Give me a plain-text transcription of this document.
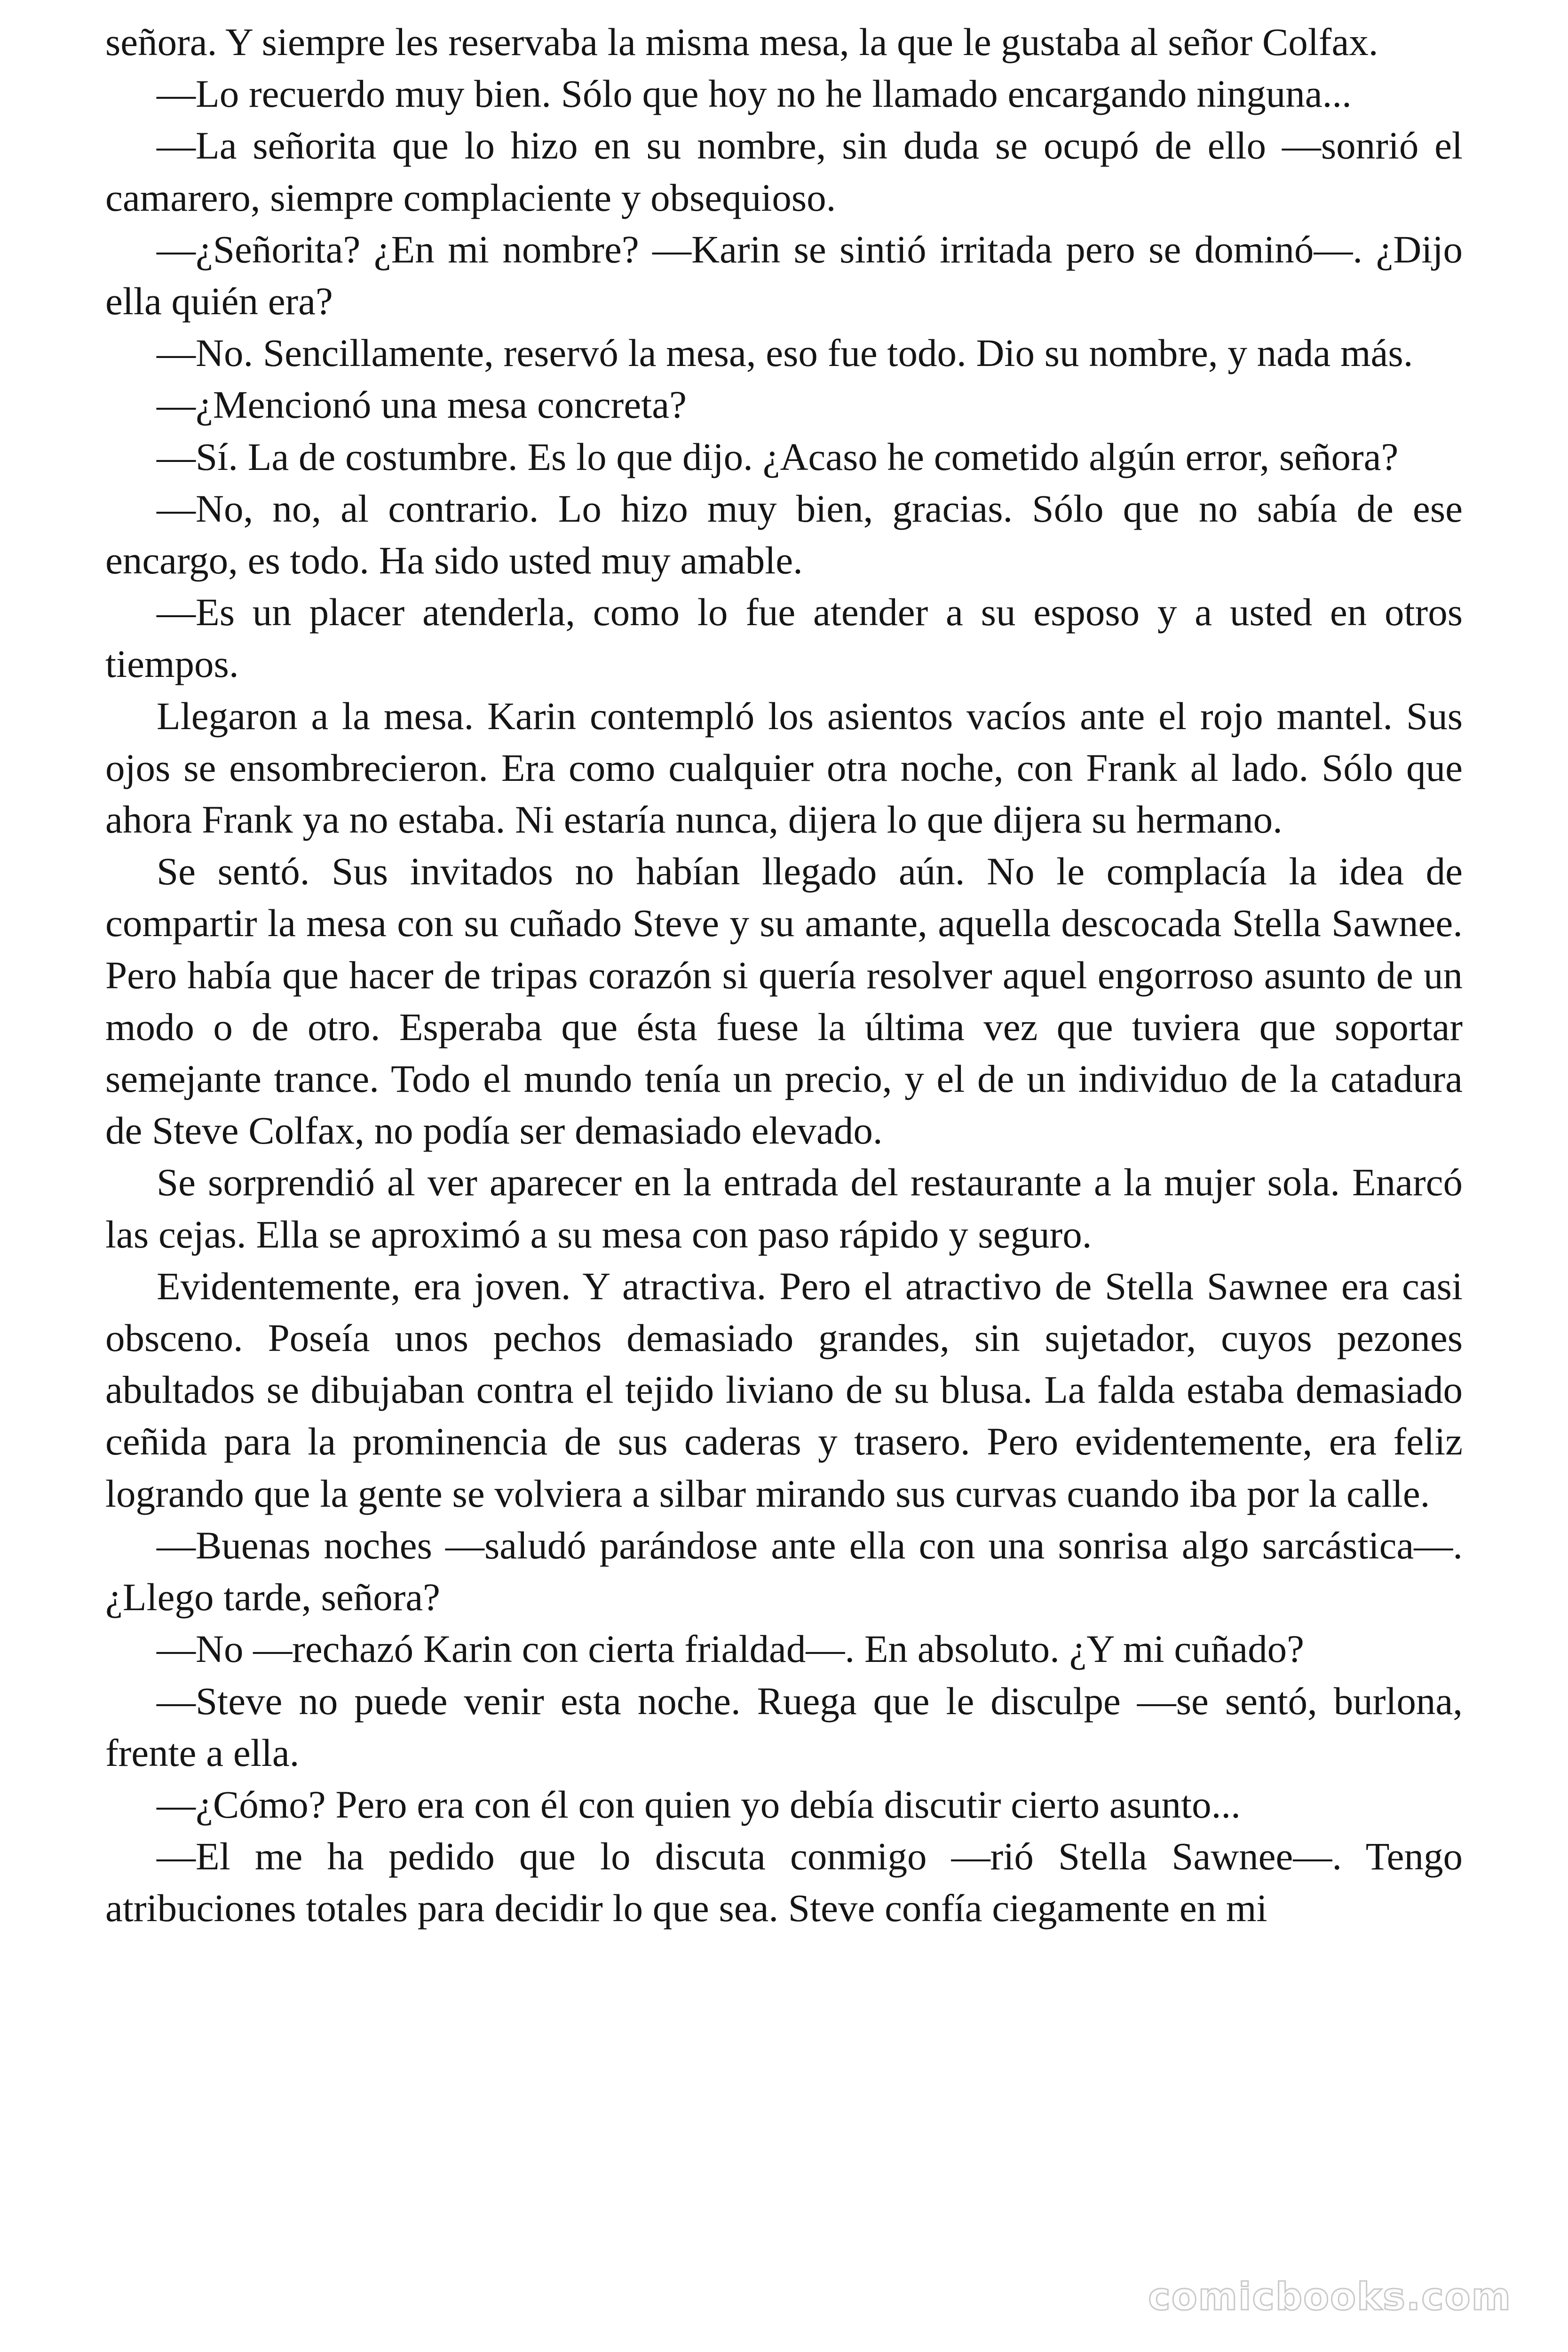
señora. Y siempre les reservaba la misma mesa, la que le gustaba al señor Colfax.

—Lo recuerdo muy bien. Sólo que hoy no he llamado encargando ninguna...

—La señorita que lo hizo en su nombre, sin duda se ocupó de ello —sonrió el camarero, siempre complaciente y obsequioso.

—¿Señorita? ¿En mi nombre? —Karin se sintió irritada pero se dominó—. ¿Dijo ella quién era?

—No. Sencillamente, reservó la mesa, eso fue todo. Dio su nombre, y nada más.

—¿Mencionó una mesa concreta?

—Sí. La de costumbre. Es lo que dijo. ¿Acaso he cometido algún error, señora?

—No, no, al contrario. Lo hizo muy bien, gracias. Sólo que no sabía de ese encargo, es todo. Ha sido usted muy amable.

—Es un placer atenderla, como lo fue atender a su esposo y a usted en otros tiempos.

Llegaron a la mesa. Karin contempló los asientos vacíos ante el rojo mantel. Sus ojos se ensombrecieron. Era como cualquier otra noche, con Frank al lado. Sólo que ahora Frank ya no estaba. Ni estaría nunca, dijera lo que dijera su hermano.

Se sentó. Sus invitados no habían llegado aún. No le complacía la idea de compartir la mesa con su cuñado Steve y su amante, aquella descocada Stella Sawnee. Pero había que hacer de tripas corazón si quería resolver aquel engorroso asunto de un modo o de otro. Esperaba que ésta fuese la última vez que tuviera que soportar semejante trance. Todo el mundo tenía un precio, y el de un individuo de la catadura de Steve Colfax, no podía ser demasiado elevado.

Se sorprendió al ver aparecer en la entrada del restaurante a la mujer sola. Enarcó las cejas. Ella se aproximó a su mesa con paso rápido y seguro.

Evidentemente, era joven. Y atractiva. Pero el atractivo de Stella Sawnee era casi obsceno. Poseía unos pechos demasiado grandes, sin sujetador, cuyos pezones abultados se dibujaban contra el tejido liviano de su blusa. La falda estaba demasiado ceñida para la prominencia de sus caderas y trasero. Pero evidentemente, era feliz logrando que la gente se volviera a silbar mirando sus curvas cuando iba por la calle.

—Buenas noches —saludó parándose ante ella con una sonrisa algo sarcástica—. ¿Llego tarde, señora?

—No —rechazó Karin con cierta frialdad—. En absoluto. ¿Y mi cuñado?

—Steve no puede venir esta noche. Ruega que le disculpe —se sentó, burlona, frente a ella.

—¿Cómo? Pero era con él con quien yo debía discutir cierto asunto...

—El me ha pedido que lo discuta conmigo —rió Stella Sawnee—. Tengo atribuciones totales para decidir lo que sea. Steve confía ciegamente en mi

comicbooks.com
